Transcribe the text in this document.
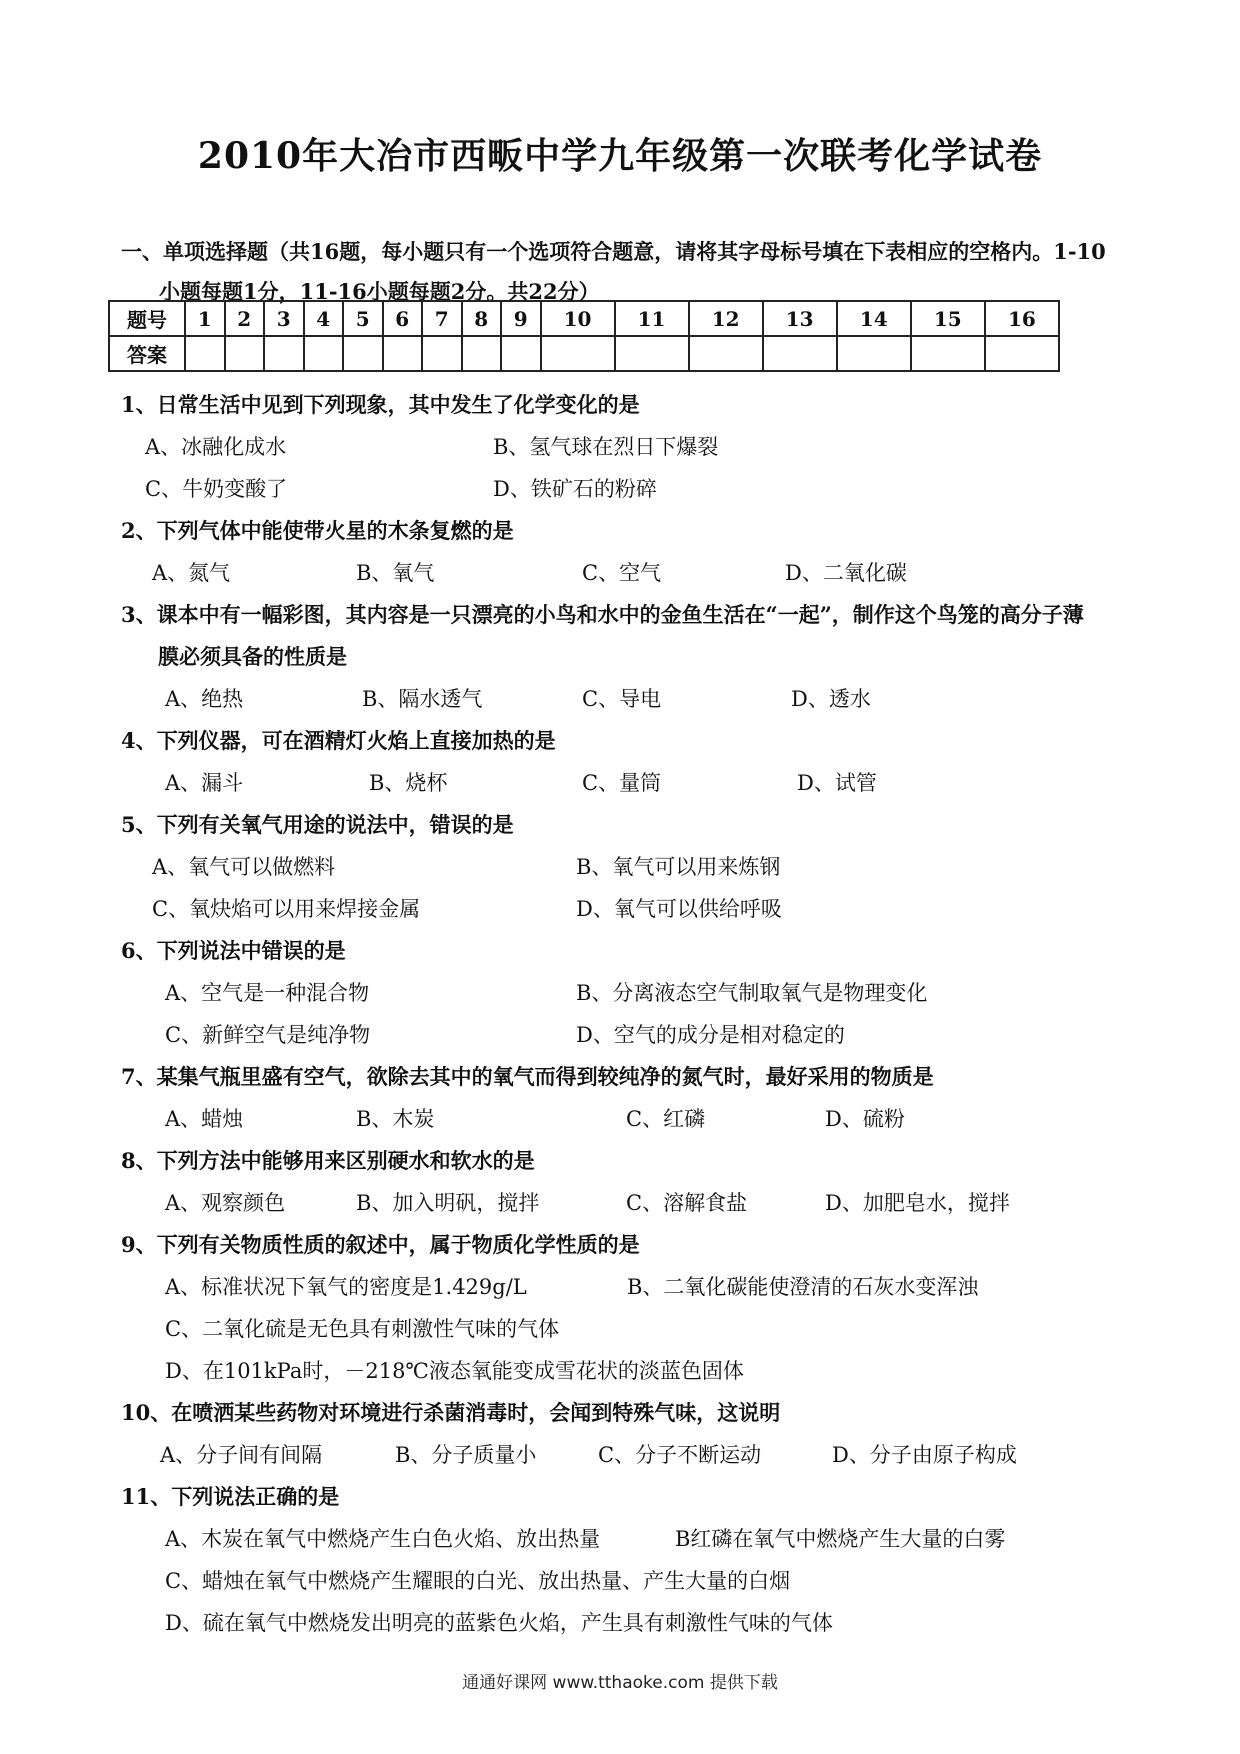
2010年大冶市西畈中学九年级第一次联考化学试卷
一、单项选择题（共16题，每小题只有一个选项符合题意，请将其字母标号填在下表相应的空格内。1-10
小题每题1分，11-16小题每题2分。共22分）
题号	1	2	3	4	5	6	7	8	9	10	11	12	13	14	15	16
答案																
1、日常生活中见到下列现象，其中发生了化学变化的是
A、冰融化成水	B、氢气球在烈日下爆裂
C、牛奶变酸了	D、铁矿石的粉碎
2、下列气体中能使带火星的木条复燃的是
A、氮气	B、氧气	C、空气	D、二氧化碳
3、课本中有一幅彩图，其内容是一只漂亮的小鸟和水中的金鱼生活在“一起”，制作这个鸟笼的高分子薄
膜必须具备的性质是
A、绝热	B、隔水透气	C、导电	D、透水
4、下列仪器，可在酒精灯火焰上直接加热的是
A、漏斗	B、烧杯	C、量筒	D、试管
5、下列有关氧气用途的说法中，错误的是
A、氧气可以做燃料	B、氧气可以用来炼钢
C、氧炔焰可以用来焊接金属	D、氧气可以供给呼吸
6、下列说法中错误的是
A、空气是一种混合物	B、分离液态空气制取氧气是物理变化
C、新鲜空气是纯净物	D、空气的成分是相对稳定的
7、某集气瓶里盛有空气，欲除去其中的氧气而得到较纯净的氮气时，最好采用的物质是
A、蜡烛	B、木炭	C、红磷	D、硫粉
8、下列方法中能够用来区别硬水和软水的是
A、观察颜色	B、加入明矾，搅拌	C、溶解食盐	D、加肥皂水，搅拌
9、下列有关物质性质的叙述中，属于物质化学性质的是
A、标准状况下氧气的密度是1.429g/L	B、二氧化碳能使澄清的石灰水变浑浊
C、二氧化硫是无色具有刺激性气味的气体
D、在101kPa时，－218℃液态氧能变成雪花状的淡蓝色固体
10、在喷洒某些药物对环境进行杀菌消毒时，会闻到特殊气味，这说明
A、分子间有间隔	B、分子质量小	C、分子不断运动	D、分子由原子构成
11、下列说法正确的是
A、木炭在氧气中燃烧产生白色火焰、放出热量	B红磷在氧气中燃烧产生大量的白雾
C、蜡烛在氧气中燃烧产生耀眼的白光、放出热量、产生大量的白烟
D、硫在氧气中燃烧发出明亮的蓝紫色火焰，产生具有刺激性气味的气体
通通好课网 www.tthaoke.com 提供下载
